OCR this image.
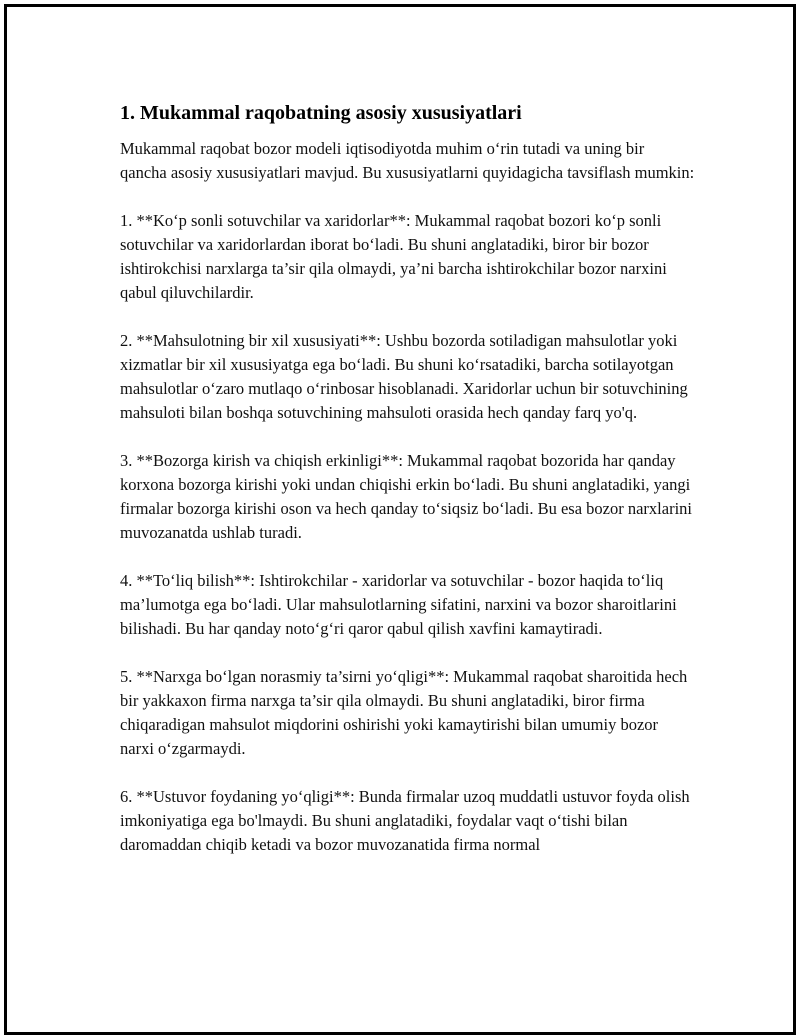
1. Mukammal raqobatning asosiy xususiyatlari

Mukammal raqobat bozor modeli iqtisodiyotda muhim o‘rin tutadi va uning bir qancha asosiy xususiyatlari mavjud. Bu xususiyatlarni quyidagicha tavsiflash mumkin:

1. **Ko‘p sonli sotuvchilar va xaridorlar**: Mukammal raqobat bozori ko‘p sonli sotuvchilar va xaridorlardan iborat bo‘ladi. Bu shuni anglatadiki, biror bir bozor ishtirokchisi narxlarga ta’sir qila olmaydi, ya’ni barcha ishtirokchilar bozor narxini qabul qiluvchilardir.

2. **Mahsulotning bir xil xususiyati**: Ushbu bozorda sotiladigan mahsulotlar yoki xizmatlar bir xil xususiyatga ega bo‘ladi. Bu shuni ko‘rsatadiki, barcha sotilayotgan mahsulotlar o‘zaro mutlaqo o‘rinbosar hisoblanadi. Xaridorlar uchun bir sotuvchining mahsuloti bilan boshqa sotuvchining mahsuloti orasida hech qanday farq yo'q.

3. **Bozorga kirish va chiqish erkinligi**: Mukammal raqobat bozorida har qanday korxona bozorga kirishi yoki undan chiqishi erkin bo‘ladi. Bu shuni anglatadiki, yangi firmalar bozorga kirishi oson va hech qanday to‘siqsiz bo‘ladi. Bu esa bozor narxlarini muvozanatda ushlab turadi.

4. **To‘liq bilish**: Ishtirokchilar - xaridorlar va sotuvchilar - bozor haqida to‘liq ma’lumotga ega bo‘ladi. Ular mahsulotlarning sifatini, narxini va bozor sharoitlarini bilishadi. Bu har qanday noto‘g‘ri qaror qabul qilish xavfini kamaytiradi.

5. **Narxga bo‘lgan norasmiy ta’sirni yo‘qligi**: Mukammal raqobat sharoitida hech bir yakkaxon firma narxga ta’sir qila olmaydi. Bu shuni anglatadiki, biror firma chiqaradigan mahsulot miqdorini oshirishi yoki kamaytirishi bilan umumiy bozor narxi o‘zgarmaydi.

6. **Ustuvor foydaning yo‘qligi**: Bunda firmalar uzoq muddatli ustuvor foyda olish imkoniyatiga ega bo'lmaydi. Bu shuni anglatadiki, foydalar vaqt o‘tishi bilan daromaddan chiqib ketadi va bozor muvozanatida firma normal
